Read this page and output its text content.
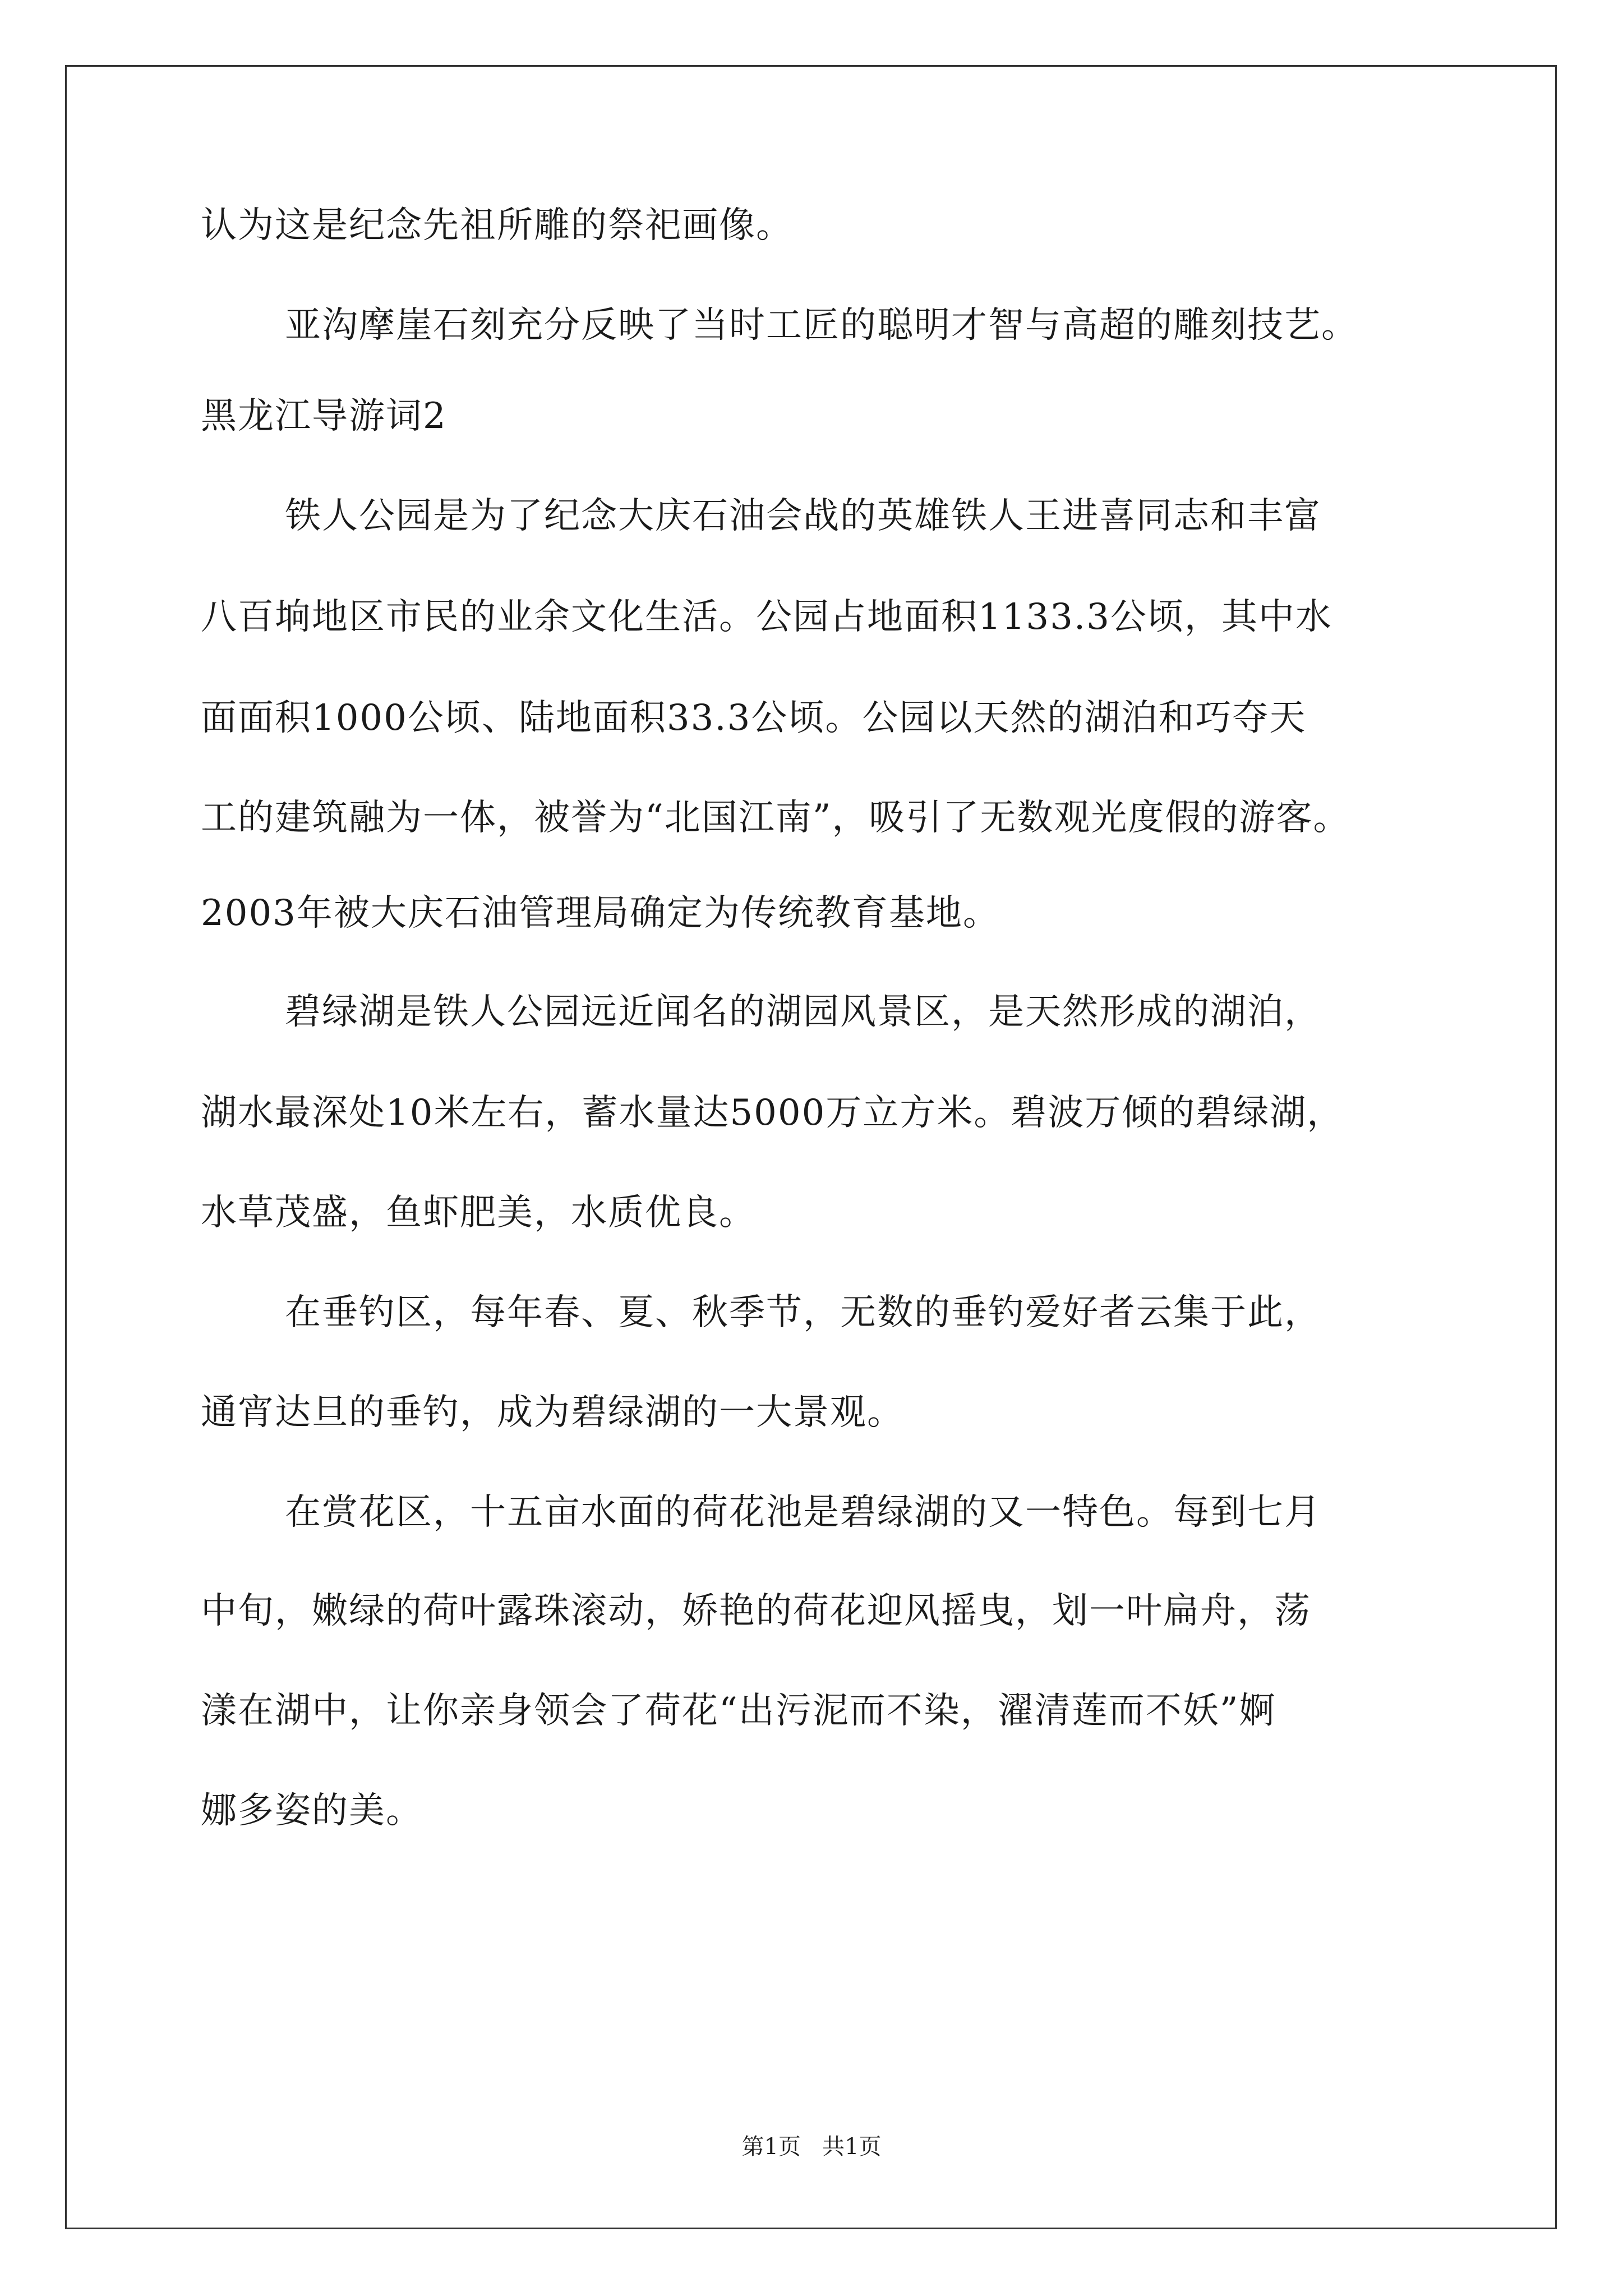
认为这是纪念先祖所雕的祭祀画像。
亚沟摩崖石刻充分反映了当时工匠的聪明才智与高超的雕刻技艺。
黑龙江导游词2
铁人公园是为了纪念大庆石油会战的英雄铁人王进喜同志和丰富
八百垧地区市民的业余文化生活。公园占地面积1133.3公顷，其中水
面面积1000公顷、陆地面积33.3公顷。公园以天然的湖泊和巧夺天
工的建筑融为一体，被誉为“北国江南”，吸引了无数观光度假的游客。
2003年被大庆石油管理局确定为传统教育基地。
碧绿湖是铁人公园远近闻名的湖园风景区，是天然形成的湖泊，
湖水最深处10米左右，蓄水量达5000万立方米。碧波万倾的碧绿湖，
水草茂盛，鱼虾肥美，水质优良。
在垂钓区，每年春、夏、秋季节，无数的垂钓爱好者云集于此，
通宵达旦的垂钓，成为碧绿湖的一大景观。
在赏花区，十五亩水面的荷花池是碧绿湖的又一特色。每到七月
中旬，嫩绿的荷叶露珠滚动，娇艳的荷花迎风摇曳，划一叶扁舟，荡
漾在湖中，让你亲身领会了荷花“出污泥而不染，濯清莲而不妖”婀
娜多姿的美。
第1页   共1页
